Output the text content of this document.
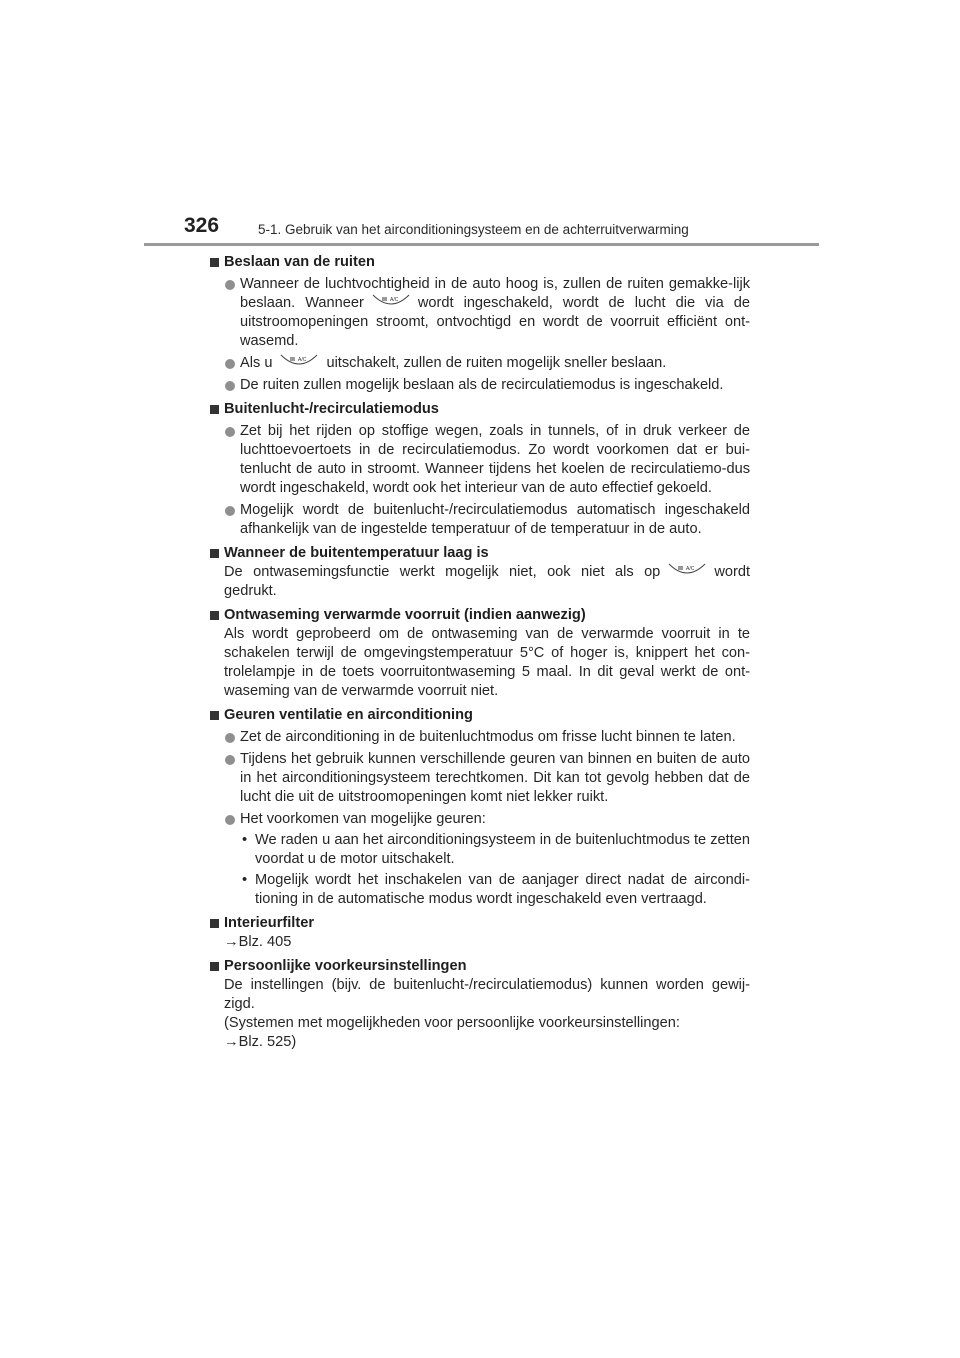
326	5-1. Gebruik van het airconditioningsysteem en de achterruitverwarming
Beslaan van de ruiten
Wanneer de luchtvochtigheid in de auto hoog is, zullen de ruiten gemakke-lijk beslaan. Wanneer	A/C wordt ingeschakeld, wordt de lucht die via de uitstroomopeningen stroomt, ontvochtigd en wordt de voorruit efficiënt ont-wasemd.
Als u	A/C uitschakelt, zullen de ruiten mogelijk sneller beslaan.
De ruiten zullen mogelijk beslaan als de recirculatiemodus is ingeschakeld.
Buitenlucht-/recirculatiemodus
Zet bij het rijden op stoffige wegen, zoals in tunnels, of in druk verkeer de luchttoevoertoets in de recirculatiemodus. Zo wordt voorkomen dat er bui-tenlucht de auto in stroomt. Wanneer tijdens het koelen de recirculatiemo-dus wordt ingeschakeld, wordt ook het interieur van de auto effectief gekoeld.
Mogelijk wordt de buitenlucht-/recirculatiemodus automatisch ingeschakeld afhankelijk van de ingestelde temperatuur of de temperatuur in de auto.
Wanneer de buitentemperatuur laag is
De ontwasemingsfunctie werkt mogelijk niet, ook niet als op	A/C wordt gedrukt.
Ontwaseming verwarmde voorruit (indien aanwezig)
Als wordt geprobeerd om de ontwaseming van de verwarmde voorruit in te schakelen terwijl de omgevingstemperatuur 5°C of hoger is, knippert het con-trolelampje in de toets voorruitontwaseming 5 maal. In dit geval werkt de ont-waseming van de verwarmde voorruit niet.
Geuren ventilatie en airconditioning
Zet de airconditioning in de buitenluchtmodus om frisse lucht binnen te laten.
Tijdens het gebruik kunnen verschillende geuren van binnen en buiten de auto in het airconditioningsysteem terechtkomen. Dit kan tot gevolg hebben dat de lucht die uit de uitstroomopeningen komt niet lekker ruikt.
Het voorkomen van mogelijke geuren:
• We raden u aan het airconditioningsysteem in de buitenluchtmodus te zetten voordat u de motor uitschakelt.
• Mogelijk wordt het inschakelen van de aanjager direct nadat de aircondi-tioning in de automatische modus wordt ingeschakeld even vertraagd.
Interieurfilter
→Blz. 405
Persoonlijke voorkeursinstellingen
De instellingen (bijv. de buitenlucht-/recirculatiemodus) kunnen worden gewij-zigd.
(Systemen met mogelijkheden voor persoonlijke voorkeursinstellingen:
→Blz. 525)
